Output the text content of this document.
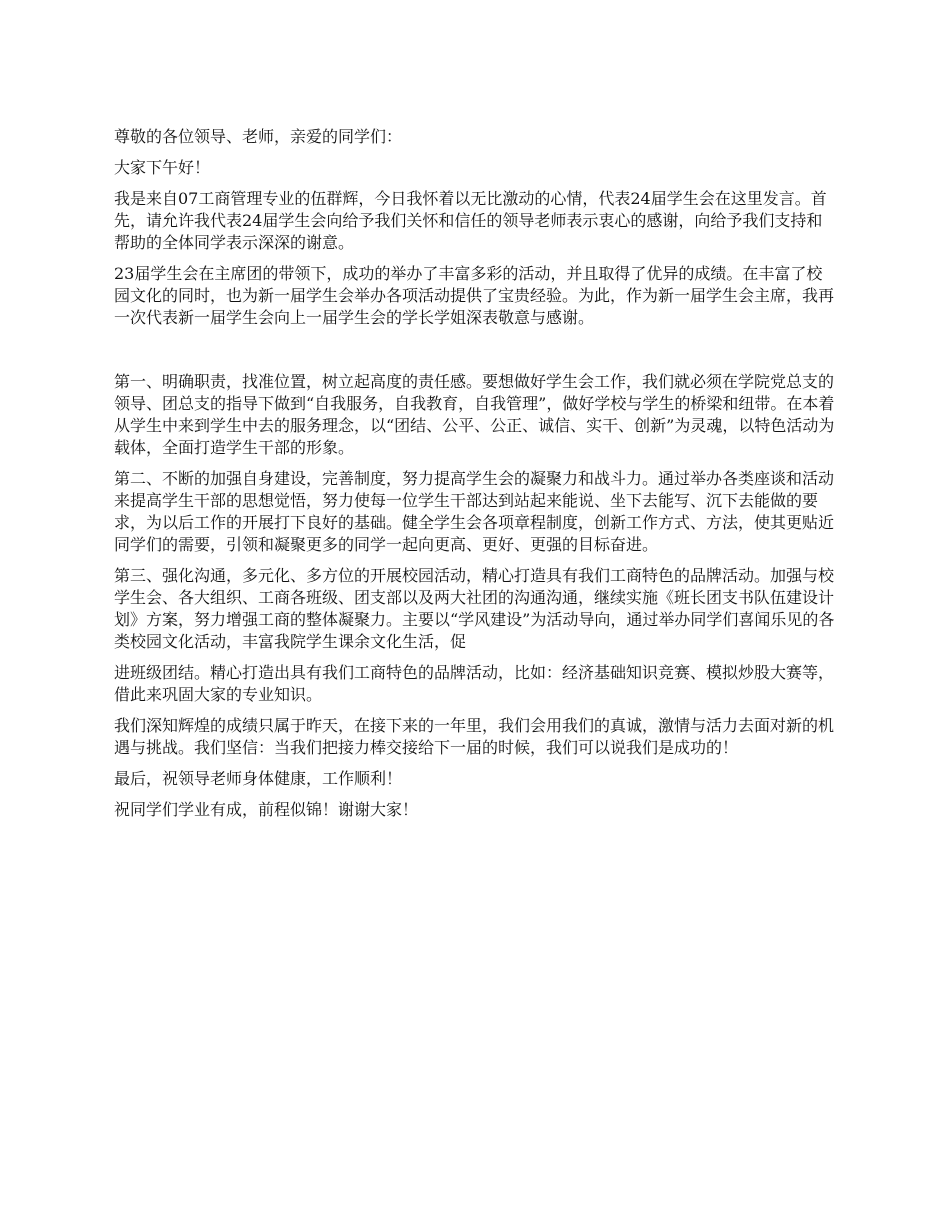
尊敬的各位领导、老师，亲爱的同学们：

大家下午好！

我是来自07工商管理专业的伍群辉，今日我怀着以无比激动的心情，代表24届学生会在这里发言。首先，请允许我代表24届学生会向给予我们关怀和信任的领导老师表示衷心的感谢，向给予我们支持和帮助的全体同学表示深深的谢意。

23届学生会在主席团的带领下，成功的举办了丰富多彩的活动，并且取得了优异的成绩。在丰富了校园文化的同时，也为新一届学生会举办各项活动提供了宝贵经验。为此，作为新一届学生会主席，我再一次代表新一届学生会向上一届学生会的学长学姐深表敬意与感谢。

第一、明确职责，找准位置，树立起高度的责任感。要想做好学生会工作，我们就必须在学院党总支的领导、团总支的指导下做到“自我服务，自我教育，自我管理”，做好学校与学生的桥梁和纽带。在本着从学生中来到学生中去的服务理念，以“团结、公平、公正、诚信、实干、创新”为灵魂，以特色活动为载体，全面打造学生干部的形象。

第二、不断的加强自身建设，完善制度，努力提高学生会的凝聚力和战斗力。通过举办各类座谈和活动来提高学生干部的思想觉悟，努力使每一位学生干部达到站起来能说、坐下去能写、沉下去能做的要求，为以后工作的开展打下良好的基础。健全学生会各项章程制度，创新工作方式、方法，使其更贴近同学们的需要，引领和凝聚更多的同学一起向更高、更好、更强的目标奋进。

第三、强化沟通，多元化、多方位的开展校园活动，精心打造具有我们工商特色的品牌活动。加强与校学生会、各大组织、工商各班级、团支部以及两大社团的沟通沟通，继续实施《班长团支书队伍建设计划》方案，努力增强工商的整体凝聚力。主要以“学风建设”为活动导向，通过举办同学们喜闻乐见的各类校园文化活动，丰富我院学生课余文化生活，促

进班级团结。精心打造出具有我们工商特色的品牌活动，比如：经济基础知识竞赛、模拟炒股大赛等，借此来巩固大家的专业知识。

我们深知辉煌的成绩只属于昨天，在接下来的一年里，我们会用我们的真诚，激情与活力去面对新的机遇与挑战。我们坚信：当我们把接力棒交接给下一届的时候，我们可以说我们是成功的！

最后，祝领导老师身体健康，工作顺利！

祝同学们学业有成，前程似锦！谢谢大家！
